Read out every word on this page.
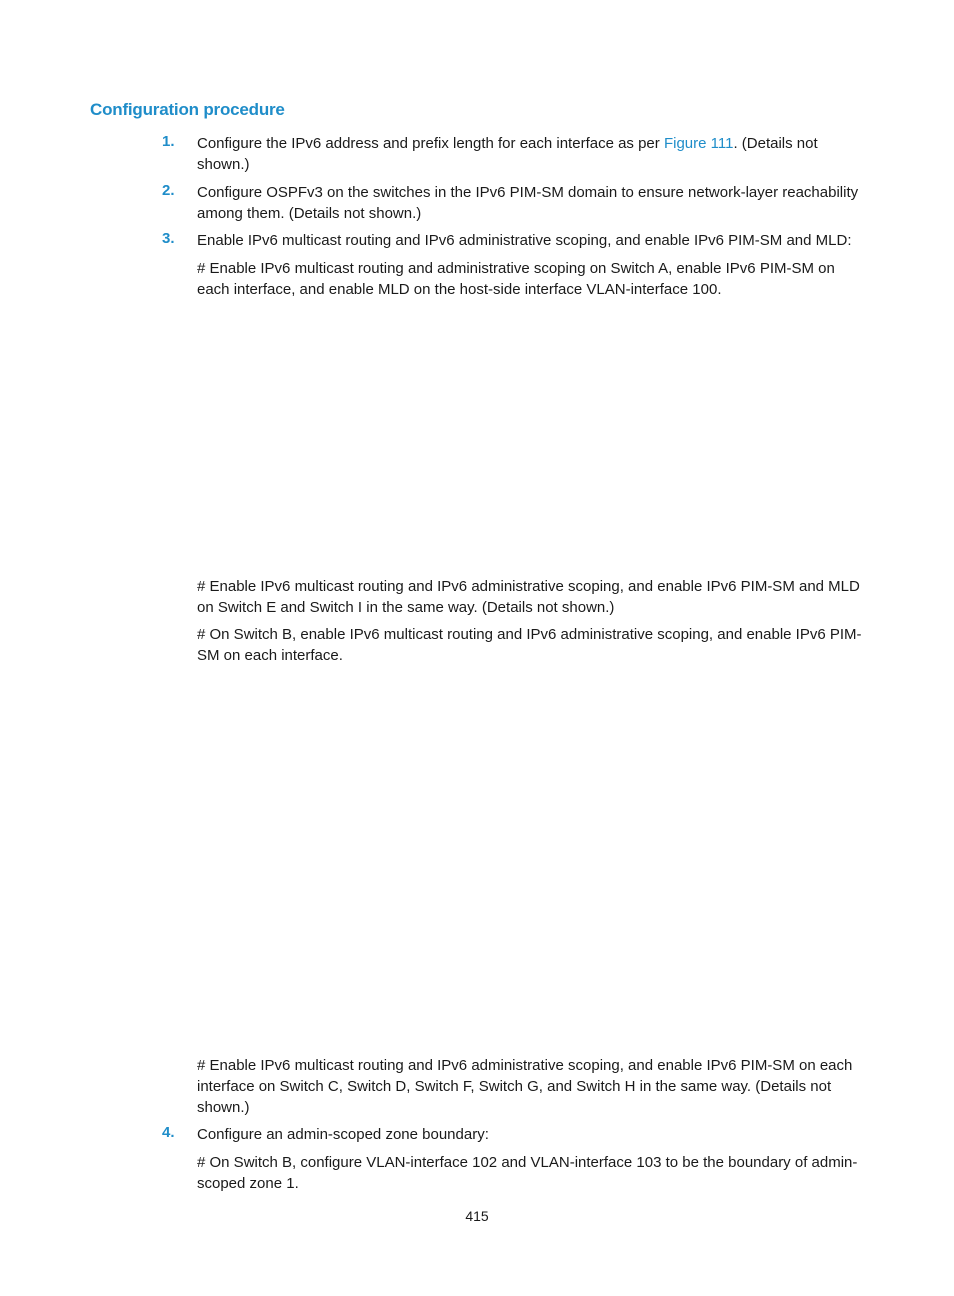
Configuration procedure
1. Configure the IPv6 address and prefix length for each interface as per Figure 111. (Details not shown.)
2. Configure OSPFv3 on the switches in the IPv6 PIM-SM domain to ensure network-layer reachability among them. (Details not shown.)
3. Enable IPv6 multicast routing and IPv6 administrative scoping, and enable IPv6 PIM-SM and MLD:
# Enable IPv6 multicast routing and administrative scoping on Switch A, enable IPv6 PIM-SM on each interface, and enable MLD on the host-side interface VLAN-interface 100.
# Enable IPv6 multicast routing and IPv6 administrative scoping, and enable IPv6 PIM-SM and MLD on Switch E and Switch I in the same way. (Details not shown.)
# On Switch B, enable IPv6 multicast routing and IPv6 administrative scoping, and enable IPv6 PIM-SM on each interface.
# Enable IPv6 multicast routing and IPv6 administrative scoping, and enable IPv6 PIM-SM on each interface on Switch C, Switch D, Switch F, Switch G, and Switch H in the same way. (Details not shown.)
4. Configure an admin-scoped zone boundary:
# On Switch B, configure VLAN-interface 102 and VLAN-interface 103 to be the boundary of admin-scoped zone 1.
415
